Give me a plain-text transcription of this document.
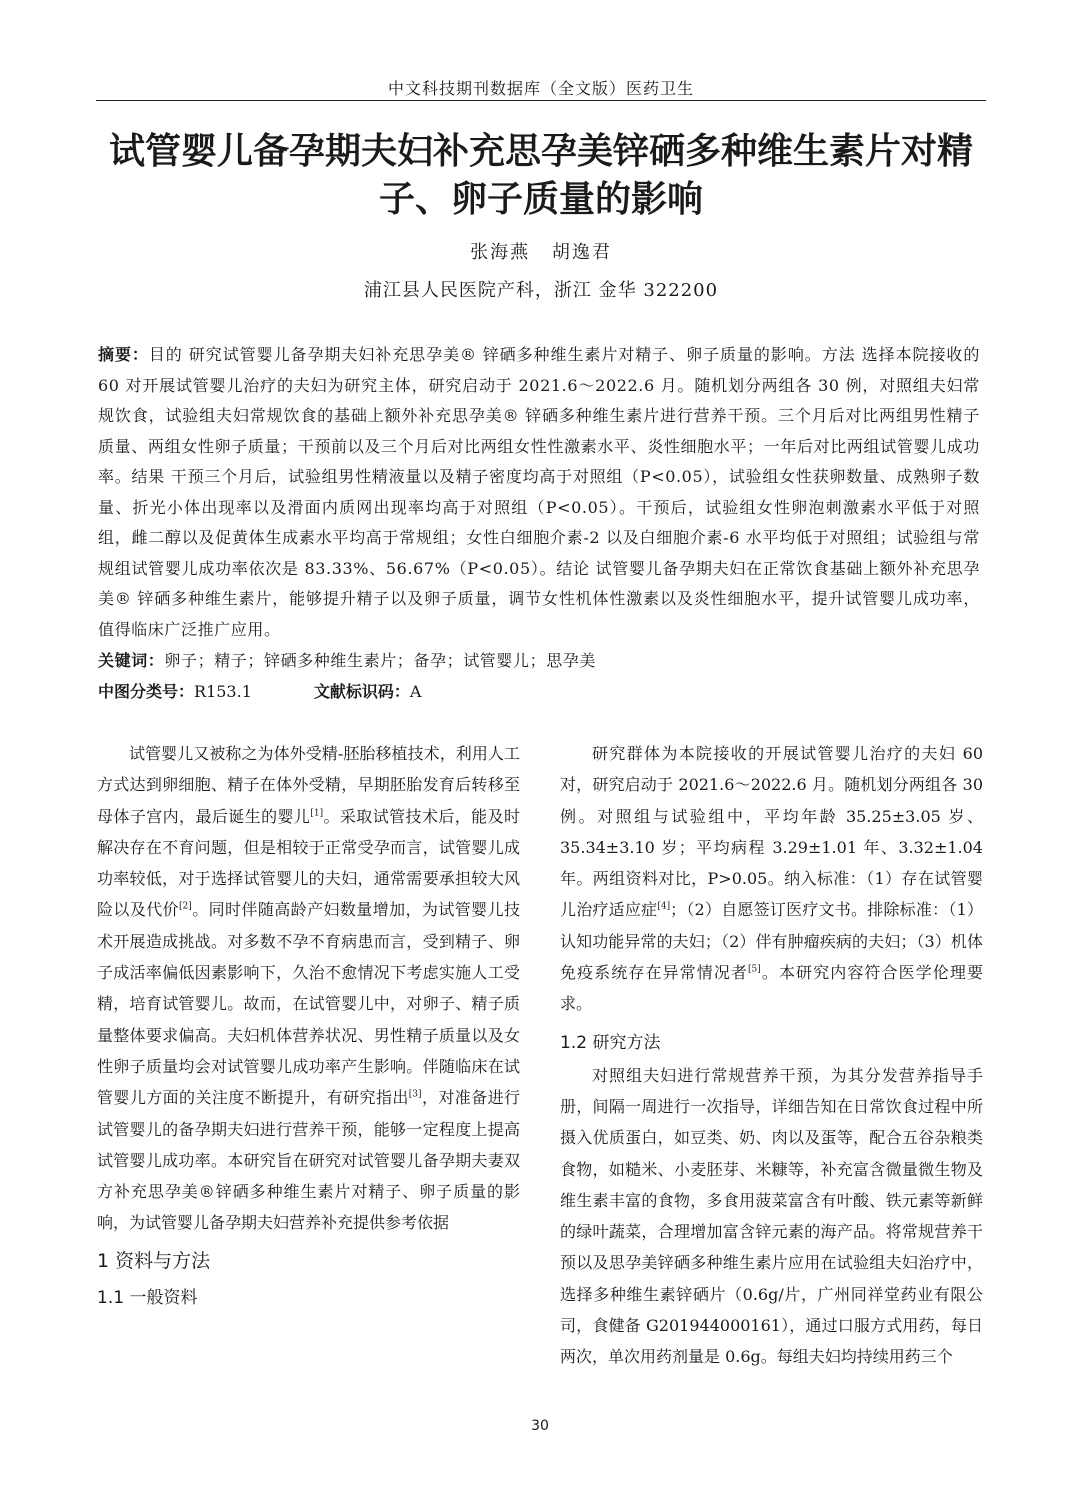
中文科技期刊数据库（全文版）医药卫生
试管婴儿备孕期夫妇补充思孕美锌硒多种维生素片对精
子、卵子质量的影响
张海燕 胡逸君
浦江县人民医院产科，浙江 金华 322200

摘要：目的 研究试管婴儿备孕期夫妇补充思孕美® 锌硒多种维生素片对精子、卵子质量的影响。方法 选择本院接收的 60 对开展试管婴儿治疗的夫妇为研究主体，研究启动于 2021.6～2022.6 月。随机划分两组各 30 例，对照组夫妇常规饮食，试验组夫妇常规饮食的基础上额外补充思孕美® 锌硒多种维生素片进行营养干预。三个月后对比两组男性精子质量、两组女性卵子质量；干预前以及三个月后对比两组女性性激素水平、炎性细胞水平；一年后对比两组试管婴儿成功率。结果 干预三个月后，试验组男性精液量以及精子密度均高于对照组（P<0.05），试验组女性获卵数量、成熟卵子数量、折光小体出现率以及滑面内质网出现率均高于对照组（P<0.05）。干预后，试验组女性卵泡刺激素水平低于对照组，雌二醇以及促黄体生成素水平均高于常规组；女性白细胞介素-2 以及白细胞介素-6 水平均低于对照组；试验组与常规组试管婴儿成功率依次是 83.33%、56.67%（P<0.05）。结论 试管婴儿备孕期夫妇在正常饮食基础上额外补充思孕美® 锌硒多种维生素片，能够提升精子以及卵子质量，调节女性机体性激素以及炎性细胞水平，提升试管婴儿成功率，值得临床广泛推广应用。

关键词：卵子；精子；锌硒多种维生素片；备孕；试管婴儿；思孕美

中图分类号：R153.1	文献标识码：A

试管婴儿又被称之为体外受精-胚胎移植技术，利用人工方式达到卵细胞、精子在体外受精，早期胚胎发育后转移至母体子宫内，最后诞生的婴儿[1]。采取试管技术后，能及时解决存在不育问题，但是相较于正常受孕而言，试管婴儿成功率较低，对于选择试管婴儿的夫妇，通常需要承担较大风险以及代价[2]。同时伴随高龄产妇数量增加，为试管婴儿技术开展造成挑战。对多数不孕不育病患而言，受到精子、卵子成活率偏低因素影响下，久治不愈情况下考虑实施人工受精，培育试管婴儿。故而，在试管婴儿中，对卵子、精子质量整体要求偏高。夫妇机体营养状况、男性精子质量以及女性卵子质量均会对试管婴儿成功率产生影响。伴随临床在试管婴儿方面的关注度不断提升，有研究指出[3]，对准备进行试管婴儿的备孕期夫妇进行营养干预，能够一定程度上提高试管婴儿成功率。本研究旨在研究对试管婴儿备孕期夫妻双方补充思孕美®锌硒多种维生素片对精子、卵子质量的影响，为试管婴儿备孕期夫妇营养补充提供参考依据

1 资料与方法
1.1 一般资料

研究群体为本院接收的开展试管婴儿治疗的夫妇 60 对，研究启动于 2021.6～2022.6 月。随机划分两组各 30 例。对照组与试验组中，平均年龄 35.25±3.05 岁、35.34±3.10 岁；平均病程 3.29±1.01 年、3.32±1.04 年。两组资料对比，P>0.05。纳入标准：（1）存在试管婴儿治疗适应症[4]；（2）自愿签订医疗文书。排除标准：（1）认知功能异常的夫妇；（2）伴有肿瘤疾病的夫妇；（3）机体免疫系统存在异常情况者[5]。本研究内容符合医学伦理要求。

1.2 研究方法

对照组夫妇进行常规营养干预，为其分发营养指导手册，间隔一周进行一次指导，详细告知在日常饮食过程中所摄入优质蛋白，如豆类、奶、肉以及蛋等，配合五谷杂粮类食物，如糙米、小麦胚芽、米糠等，补充富含微量微生物及维生素丰富的食物，多食用菠菜富含有叶酸、铁元素等新鲜的绿叶蔬菜，合理增加富含锌元素的海产品。将常规营养干预以及思孕美锌硒多种维生素片应用在试验组夫妇治疗中，选择多种维生素锌硒片（0.6g/片，广州同祥堂药业有限公司，食健备 G201944000161），通过口服方式用药，每日两次，单次用药剂量是 0.6g。每组夫妇均持续用药三个

30
